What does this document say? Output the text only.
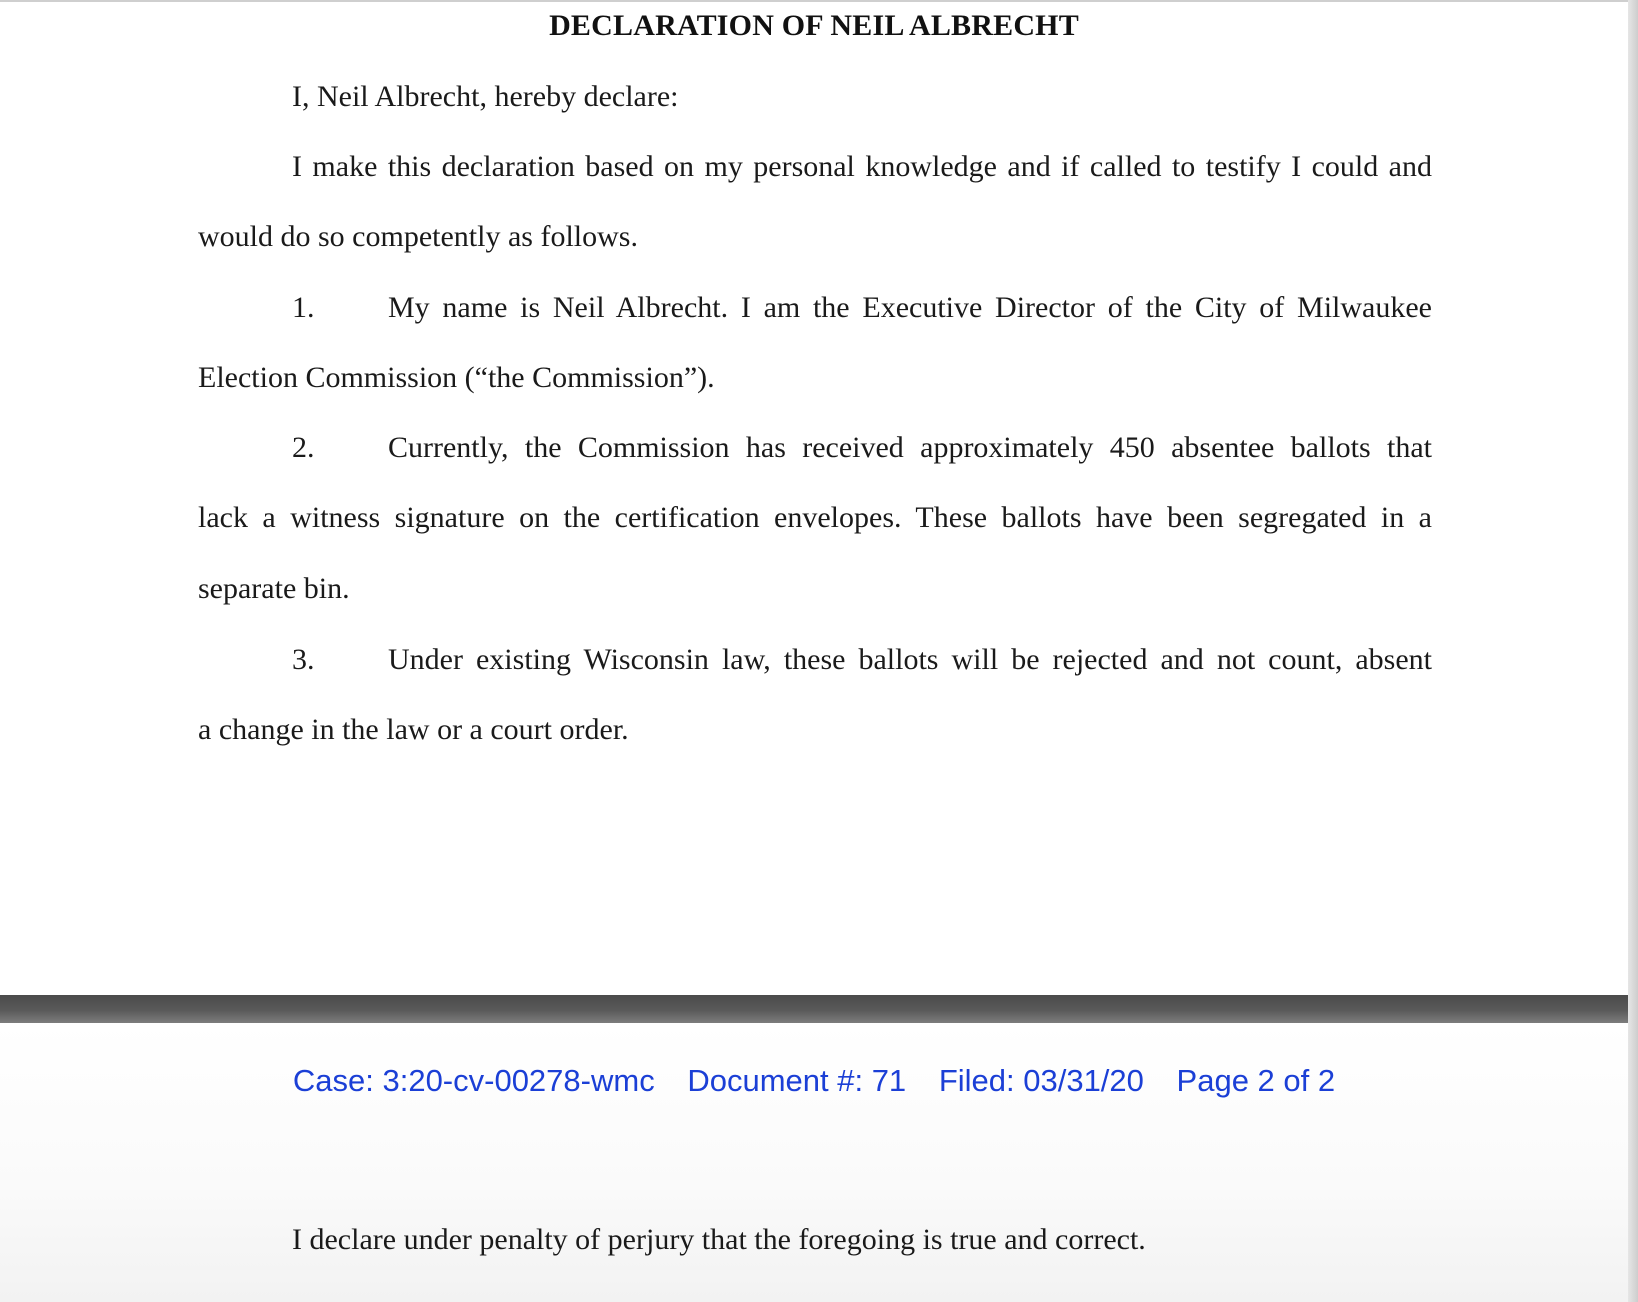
DECLARATION OF NEIL ALBRECHT

I, Neil Albrecht, hereby declare:

I make this declaration based on my personal knowledge and if called to testify I could and

would do so competently as follows.

1. My name is Neil Albrecht. I am the Executive Director of the City of Milwaukee

Election Commission (“the Commission”).

2. Currently, the Commission has received approximately 450 absentee ballots that

lack a witness signature on the certification envelopes. These ballots have been segregated in a

separate bin.

3. Under existing Wisconsin law, these ballots will be rejected and not count, absent

a change in the law or a court order.

Case: 3:20-cv-00278-wmc Document #: 71 Filed: 03/31/20 Page 2 of 2

I declare under penalty of perjury that the foregoing is true and correct.
